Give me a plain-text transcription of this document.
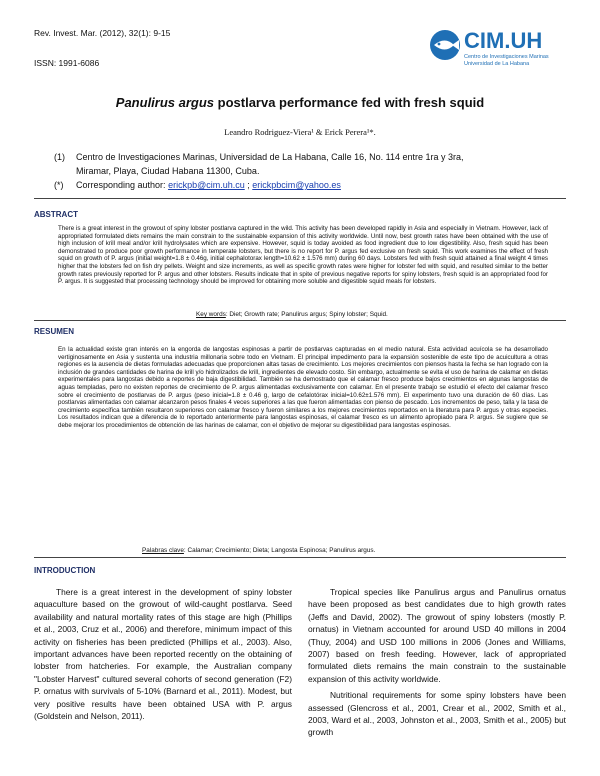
Rev. Invest. Mar. (2012), 32(1): 9-15
ISSN: 1991-6086
CIM.UH
Centro de Investigaciones Marinas
Universidad de La Habana
Panulirus argus postlarva performance fed with fresh squid
Leandro Rodriguez-Viera¹ & Erick Perera¹*.
(1) Centro de Investigaciones Marinas, Universidad de La Habana, Calle 16, No. 114 entre 1ra y 3ra,
Miramar, Playa, Ciudad Habana 11300, Cuba.
(*) Corresponding author: erickpb@cim.uh.cu ; erickpbcim@yahoo.es
ABSTRACT
There is a great interest in the growout of spiny lobster postlarva captured in the wild. This activity has been developed rapidly in Asia and especially in Vietnam. However, lack of appropriated formulated diets remains the main constrain to the sustainable expansion of this activity worldwide. Until now, best growth rates have been obtained with the use of high inclusion of krill meal and/or krill hydrolysates which are expensive. However, squid is today avoided as food ingredient due to low digestibility. Also, fresh squid has been demonstrated to produce poor growth performance in temperate lobsters, but there is no report for P. argus fed exclusive on fresh squid. This work examines the effect of fresh squid on growth of P. argus (initial weight=1.8 ± 0.46g, initial cephalotorax length=10.62 ± 1.576 mm) during 60 days. Lobsters fed with fresh squid attained a final weight 4 times higher that the lobsters fed on fish dry pellets. Weight and size increments, as well as specific growth rates were higher for lobster fed with squid, and resulted similar to the better growth rates previously reported for P. argus and other lobsters. Results indicate that in spite of previous negative reports for spiny lobsters, fresh squid is an appropriated food for P. argus. It is suggested that processing technology should be improved for obtaining more soluble and digestible squid meals for lobsters.
Key words: Diet; Growth rate; Panulirus argus; Spiny lobster; Squid.
RESUMEN
En la actualidad existe gran interés en la engorda de langostas espinosas a partir de postlarvas capturadas en el medio natural. Esta actividad acuícola se ha desarrollado vertiginosamente en Asia y sustenta una industria millonaria sobre todo en Vietnam. El principal impedimento para la expansión sostenible de este tipo de acuicultura a otras regiones es la ausencia de dietas formuladas adecuadas que proporcionen altas tasas de crecimiento. Los mejores crecimientos con piensos hasta la fecha se han logrado con la inclusión de grandes cantidades de harina de krill y/o hidrolizados de krill, ingredientes de elevado costo. Sin embargo, actualmente se evita el uso de harina de calamar en dietas experimentales para langostas debido a reportes de baja digestibilidad. También se ha demostrado que el calamar fresco produce bajos crecimientos en algunas langostas de aguas templadas, pero no existen reportes de crecimiento de P. argus alimentadas exclusivamente con calamar. En el presente trabajo se estudió el efecto del calamar fresco sobre el crecimiento de postlarvas de P. argus (peso inicial=1.8 ± 0.46 g, largo de cefalotórax inicial=10.62±1.576 mm). El experimento tuvo una duración de 60 días. Las postlarvas alimentadas con calamar alcanzaron pesos finales 4 veces superiores a las que fueron alimentadas con pienso de pescado. Los incrementos de peso, talla y la tasa de crecimiento específica también resultaron superiores con calamar fresco y fueron similares a los mejores crecimientos reportados en la literatura para P. argus y otras especies. Los resultados indican que a diferencia de lo reportado anteriormente para langostas espinosas, el calamar fresco es un alimento apropiado para P. argus. Se sugiere que se debe mejorar los procedimientos de obtención de las harinas de calamar, con el objetivo de mejorar su digestibilidad para langostas espinosas.
Palabras clave: Calamar; Crecimiento; Dieta; Langosta Espinosa; Panulirus argus.
INTRODUCTION

There is a great interest in the development of spiny lobster aquaculture based on the growout of wild-caught postlarva. Seed availability and natural mortality rates of this stage are high (Phillips et al., 2003, Cruz et al., 2006) and therefore, minimum impact of this activity on fisheries has been predicted (Phillips et al., 2003). Also, important advances have been reported recently on the obtaining of lobster from hatcheries. For example, the Australian company "Lobster Harvest" cultured several cohorts of second generation (F2) P. ornatus with survivals of 5-10% (Barnard et al., 2011). Modest, but very positive results have been obtained USA with P. argus (Goldstein and Nelson, 2011).

Tropical species like Panulirus argus and Panulirus ornatus have been proposed as best candidates due to high growth rates (Jeffs and David, 2002). The growout of spiny lobsters (mostly P. ornatus) in Vietnam accounted for around USD 40 millons in 2004 (Thuy, 2004) and USD 100 millions in 2006 (Jones and Williams, 2007) based on fresh feeding. However, lack of appropriated formulated diets remains the main constrain to the sustainable expansion of this activity worldwide.

Nutritional requirements for some spiny lobsters have been assessed (Glencross et al., 2001, Crear et al., 2002, Smith et al., 2003, Ward et al., 2003, Johnston et al., 2003, Smith et al., 2005) but growth
